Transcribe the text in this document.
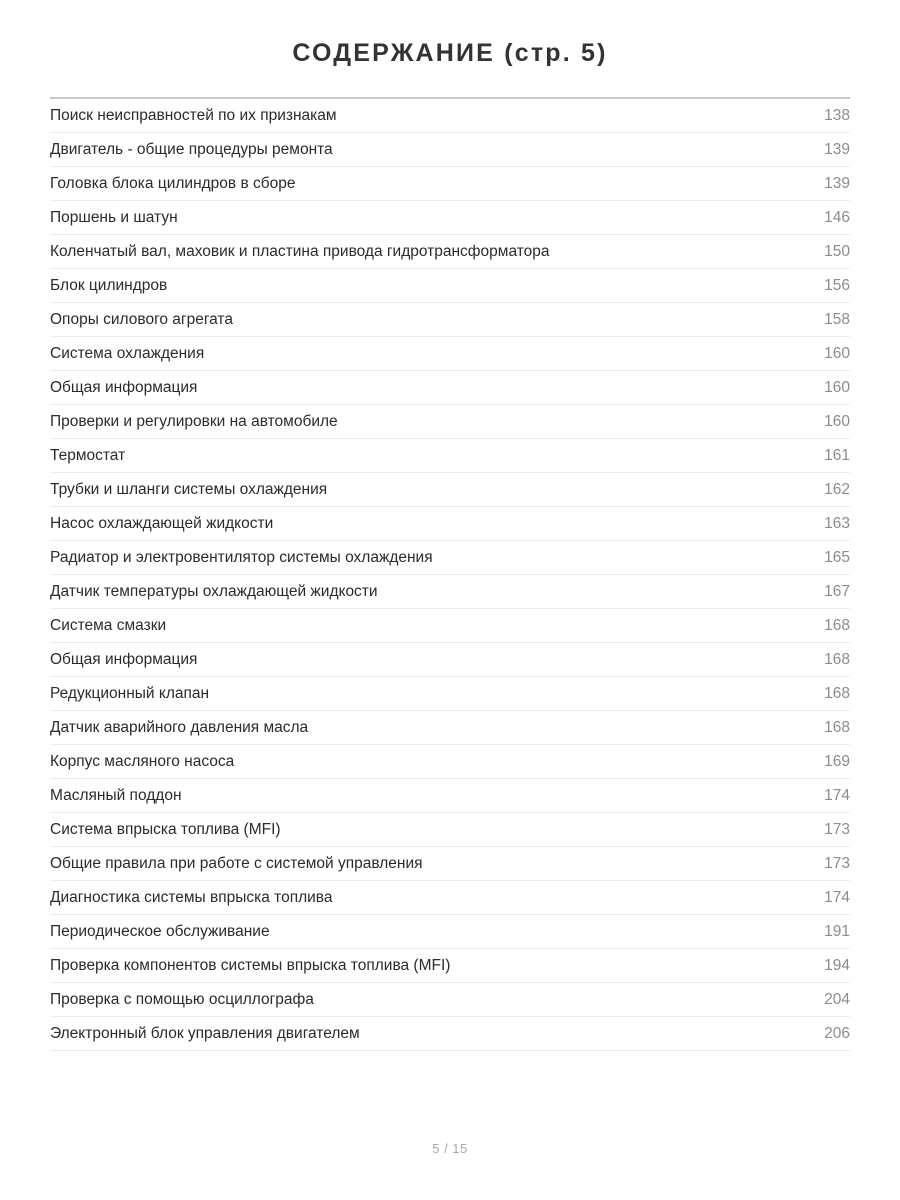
СОДЕРЖАНИЕ (стр. 5)
Поиск неисправностей по их признакам	138
Двигатель - общие процедуры ремонта	139
Головка блока цилиндров в сборе	139
Поршень и шатун	146
Коленчатый вал, маховик и пластина привода гидротрансформатора	150
Блок цилиндров	156
Опоры силового агрегата	158
Система охлаждения	160
Общая информация	160
Проверки и регулировки на автомобиле	160
Термостат	161
Трубки и шланги системы охлаждения	162
Насос охлаждающей жидкости	163
Радиатор и электровентилятор системы охлаждения	165
Датчик температуры охлаждающей жидкости	167
Система смазки	168
Общая информация	168
Редукционный клапан	168
Датчик аварийного давления масла	168
Корпус масляного насоса	169
Масляный поддон	174
Система впрыска топлива (MFI)	173
Общие правила при работе с системой управления	173
Диагностика системы впрыска топлива	174
Периодическое обслуживание	191
Проверка компонентов системы впрыска топлива (MFI)	194
Проверка с помощью осциллографа	204
Электронный блок управления двигателем	206
5 / 15
